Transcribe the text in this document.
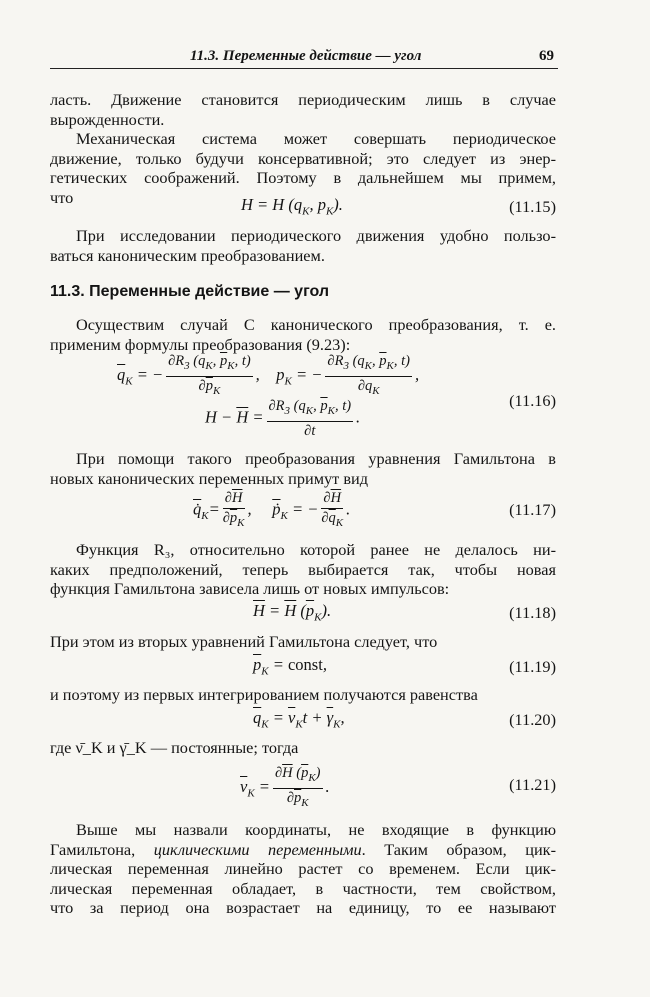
11.3. Переменные действие — угол	69
ласть. Движение становится периодическим лишь в случае
вырожденности.
Механическая система может совершать периодическое
движение, только будучи консервативной; это следует из энер-
гетических соображений. Поэтому в дальнейшем мы примем,
что	H = H ($q_K$, $p_K$).	(11.15)
При исследовании периодического движения удобно пользо-
ваться каноническим преобразованием.
11.3. Переменные действие — угол
Осуществим случай С канонического преобразования, т. е.
применим формулы преобразования (9.23):
$\overline{q}_K$ = − $\frac{\partial R_3 (q_K, \overline{p}_K, t)}{\partial\overline{p}_K}$ ,    $p_K$ = − $\frac{\partial R_3 (q_K, \overline{p}_K, t)}{\partial q_K}$ ,
$H - \overline{H} = \frac{\partial R_3 (q_K, \overline{p}_K, t)}{\partial t}$ .
(11.16)
При помощи такого преобразования уравнения Гамильтона в
новых канонических переменных примут вид
$q̇_K= \frac{\partial\overline{H}}{\partial\overline{p}_K}$ ,     $\overline{ṗ}_K$ = − $\frac{\partial\overline{H}}{\partial\overline{q}_K}$ .	(11.17)
Функция R₃, относительно которой ранее не делалось ни-
каких предположений, теперь выбирается так, чтобы новая
функция Гамильтона зависела лишь от новых импульсов:
$\overline{H} = \overline{H}$ $(\overline{p}_K)$.	(11.18)
При этом из вторых уравнений Гамильтона следует, что
$\overline{p}_K$ = const,	(11.19)
и поэтому из первых интегрированием получаются равенства
$\overline{q}_K = \overline{\nu}_Kt + \overline{\gamma}_K$,	(11.20)
где ν̄_K и γ̄_K — постоянные; тогда
$\overline{\nu}_K = \frac{\partial\overline{H} (\overline{p}_K)}{\partial\overline{p}_K}$ .	(11.21)
Выше мы назвали координаты, не входящие в функцию
Гамильтона, циклическими переменными. Таким образом, цик-
лическая переменная линейно растет со временем. Если цик-
лическая переменная обладает, в частности, тем свойством,
что за период она возрастает на единицу, то ее называют
